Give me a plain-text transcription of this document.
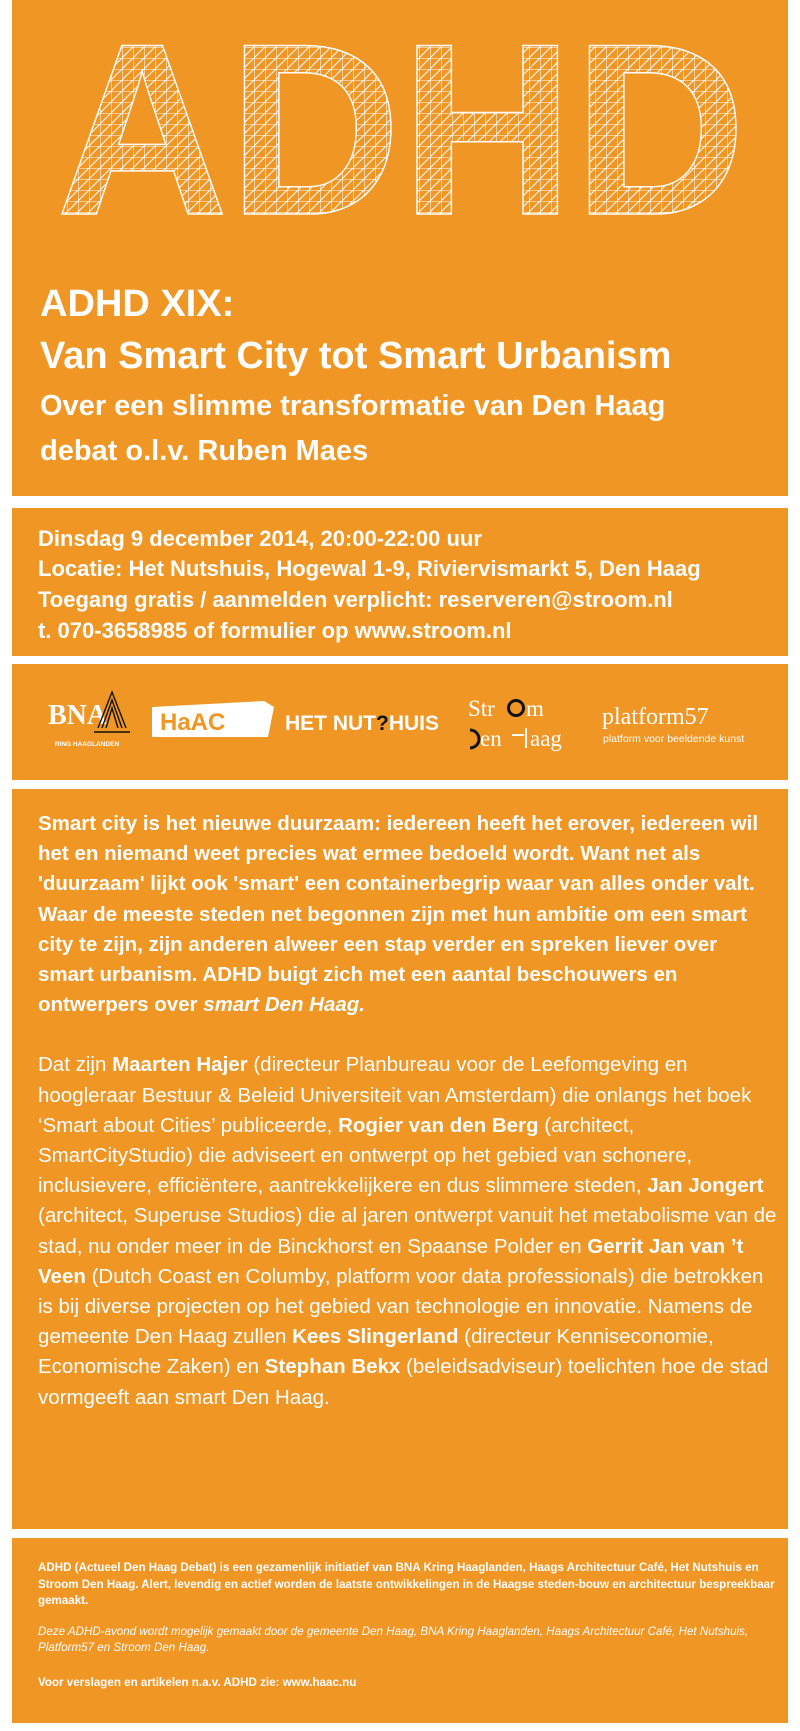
ADHD
ADHD XIX:
Van Smart City tot Smart Urbanism
Over een slimme transformatie van Den Haag
debat o.l.v. Ruben Maes
Dinsdag 9 december 2014, 20:00-22:00 uur
Locatie: Het Nutshuis, Hogewal 1-9, Riviervismarkt 5, Den Haag
Toegang gratis / aanmelden verplicht: reserveren@stroom.nl
t. 070-3658985 of formulier op www.stroom.nl
BNA
RING HAAGLANDEN
HaAC	HET NUT?HUIS
Str m
en aag
platform57
platform voor beeldende kunst

Smart city is het nieuwe duurzaam: iedereen heeft het erover, iedereen wil het en niemand weet precies wat ermee bedoeld wordt. Want net als 'duurzaam' lijkt ook 'smart' een containerbegrip waar van alles onder valt. Waar de meeste steden net begonnen zijn met hun ambitie om een smart city te zijn, zijn anderen alweer een stap verder en spreken liever over smart urbanism. ADHD buigt zich met een aantal beschouwers en ontwerpers over smart Den Haag.

Dat zijn Maarten Hajer (directeur Planbureau voor de Leefomgeving en hoogleraar Bestuur & Beleid Universiteit van Amsterdam) die onlangs het boek ‘Smart about Cities’ publiceerde, Rogier van den Berg (architect, SmartCityStudio) die adviseert en ontwerpt op het gebied van schonere, inclusievere, efficiëntere, aantrekkelijkere en dus slimmere steden, Jan Jongert (architect, Superuse Studios) die al jaren ontwerpt vanuit het metabolisme van de stad, nu onder meer in de Binckhorst en Spaanse Polder en Gerrit Jan van ’t Veen (Dutch Coast en Columby, platform voor data professionals) die betrokken is bij diverse projecten op het gebied van technologie en innovatie. Namens de gemeente Den Haag zullen Kees Slingerland (directeur Kenniseconomie, Economische Zaken) en Stephan Bekx (beleidsadviseur) toelichten hoe de stad vormgeeft aan smart Den Haag.

ADHD (Actueel Den Haag Debat) is een gezamenlijk initiatief van BNA Kring Haaglanden, Haags Architectuur Café, Het Nutshuis en Stroom Den Haag. Alert, levendig en actief worden de laatste ontwikkelingen in de Haagse steden-bouw en architectuur bespreekbaar gemaakt.

Deze ADHD-avond wordt mogelijk gemaakt door de gemeente Den Haag, BNA Kring Haaglanden, Haags Architectuur Café, Het Nutshuis, Platform57 en Stroom Den Haag.

Voor verslagen en artikelen n.a.v. ADHD zie: www.haac.nu
